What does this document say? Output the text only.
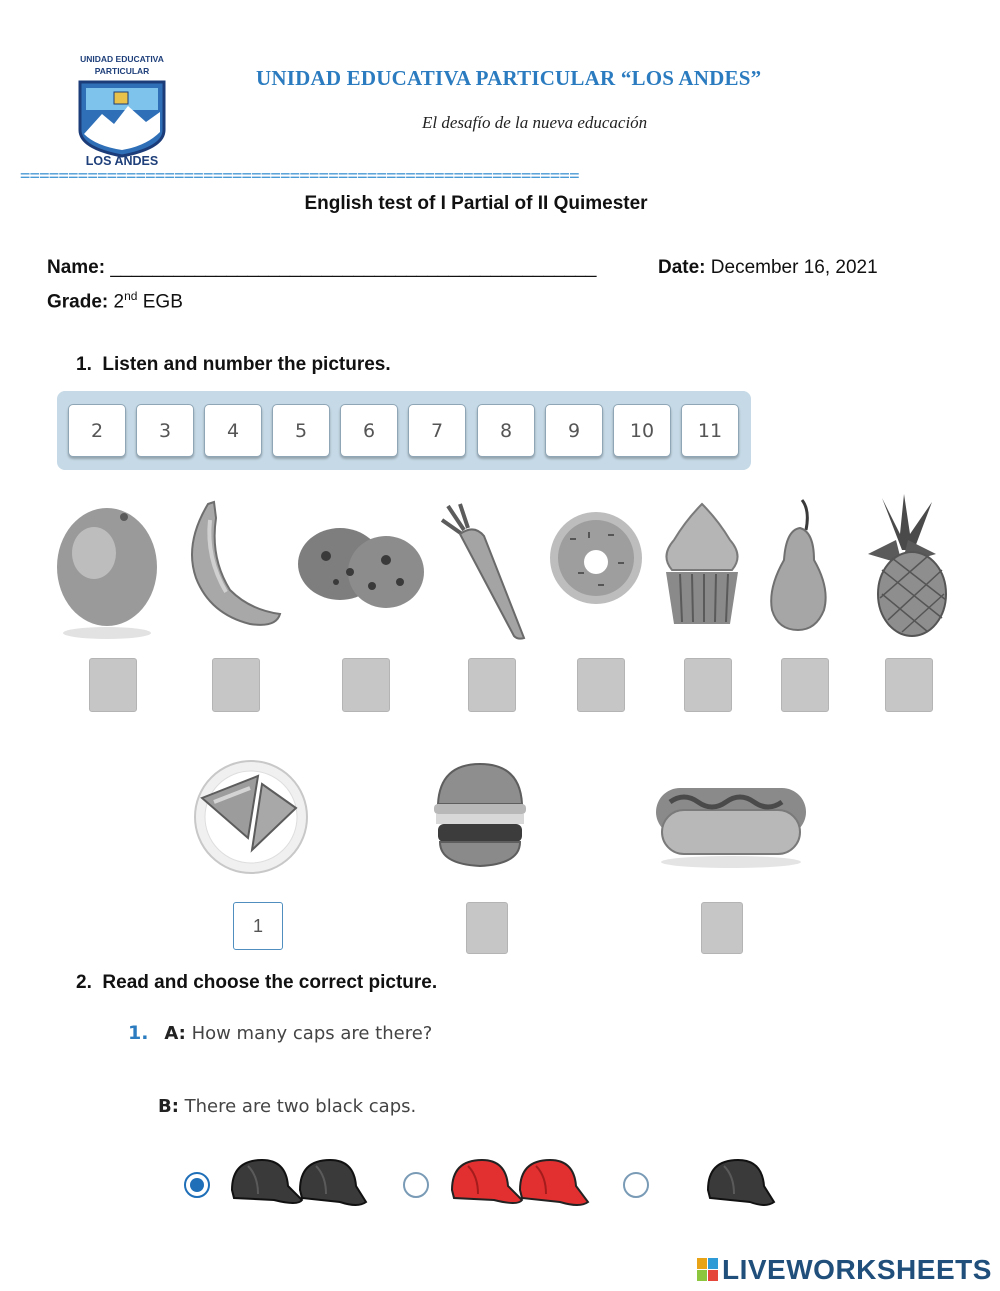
UNIDAD EDUCATIVA
PARTICULAR
LOS ANDES
UNIDAD EDUCATIVA PARTICULAR “LOS ANDES”
El desafío de la nueva educación
==========================================================
English test of I Partial of II Quimester
Name: ______________________________________________	Date: December 16, 2021
Grade: 2nd EGB
1. Listen and number the pictures.
2	3	4	5	6	7	8	9	10	11
1
2. Read and choose the correct picture.
1. A: How many caps are there?
B: There are two black caps.
LIVEWORKSHEETS
